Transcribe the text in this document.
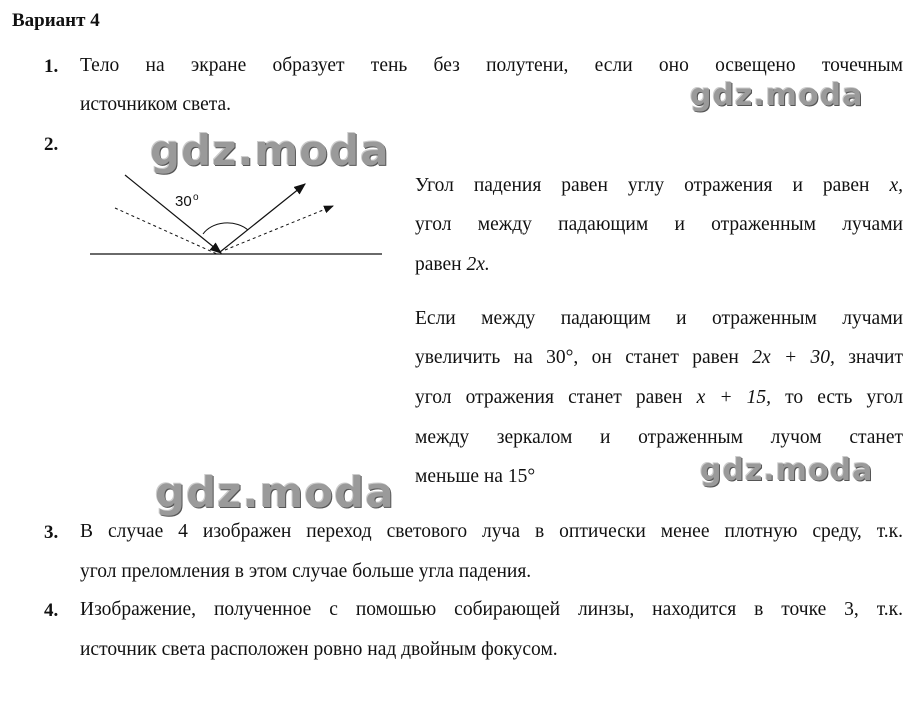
Вариант 4
gdz.moda
gdz.moda
gdz.moda	gdz.moda
1. Тело на экране образует тень без полутени, если оно освещено точечным
источником света.
2.
30 o
Угол падения равен углу отражения и равен x,
угол между падающим и отраженным лучами
равен 2x.
Если между падающим и отраженным лучами
увеличить на 30°, он станет равен 2x + 30, значит
угол отражения станет равен x + 15, то есть угол
между зеркалом и отраженным лучом станет
меньше на 15°
3. В случае 4 изображен переход светового луча в оптически менее плотную среду, т.к.
угол преломления в этом случае больше угла падения.
4. Изображение, полученное с помошью собирающей линзы, находится в точке 3, т.к.
источник света расположен ровно над двойным фокусом.
